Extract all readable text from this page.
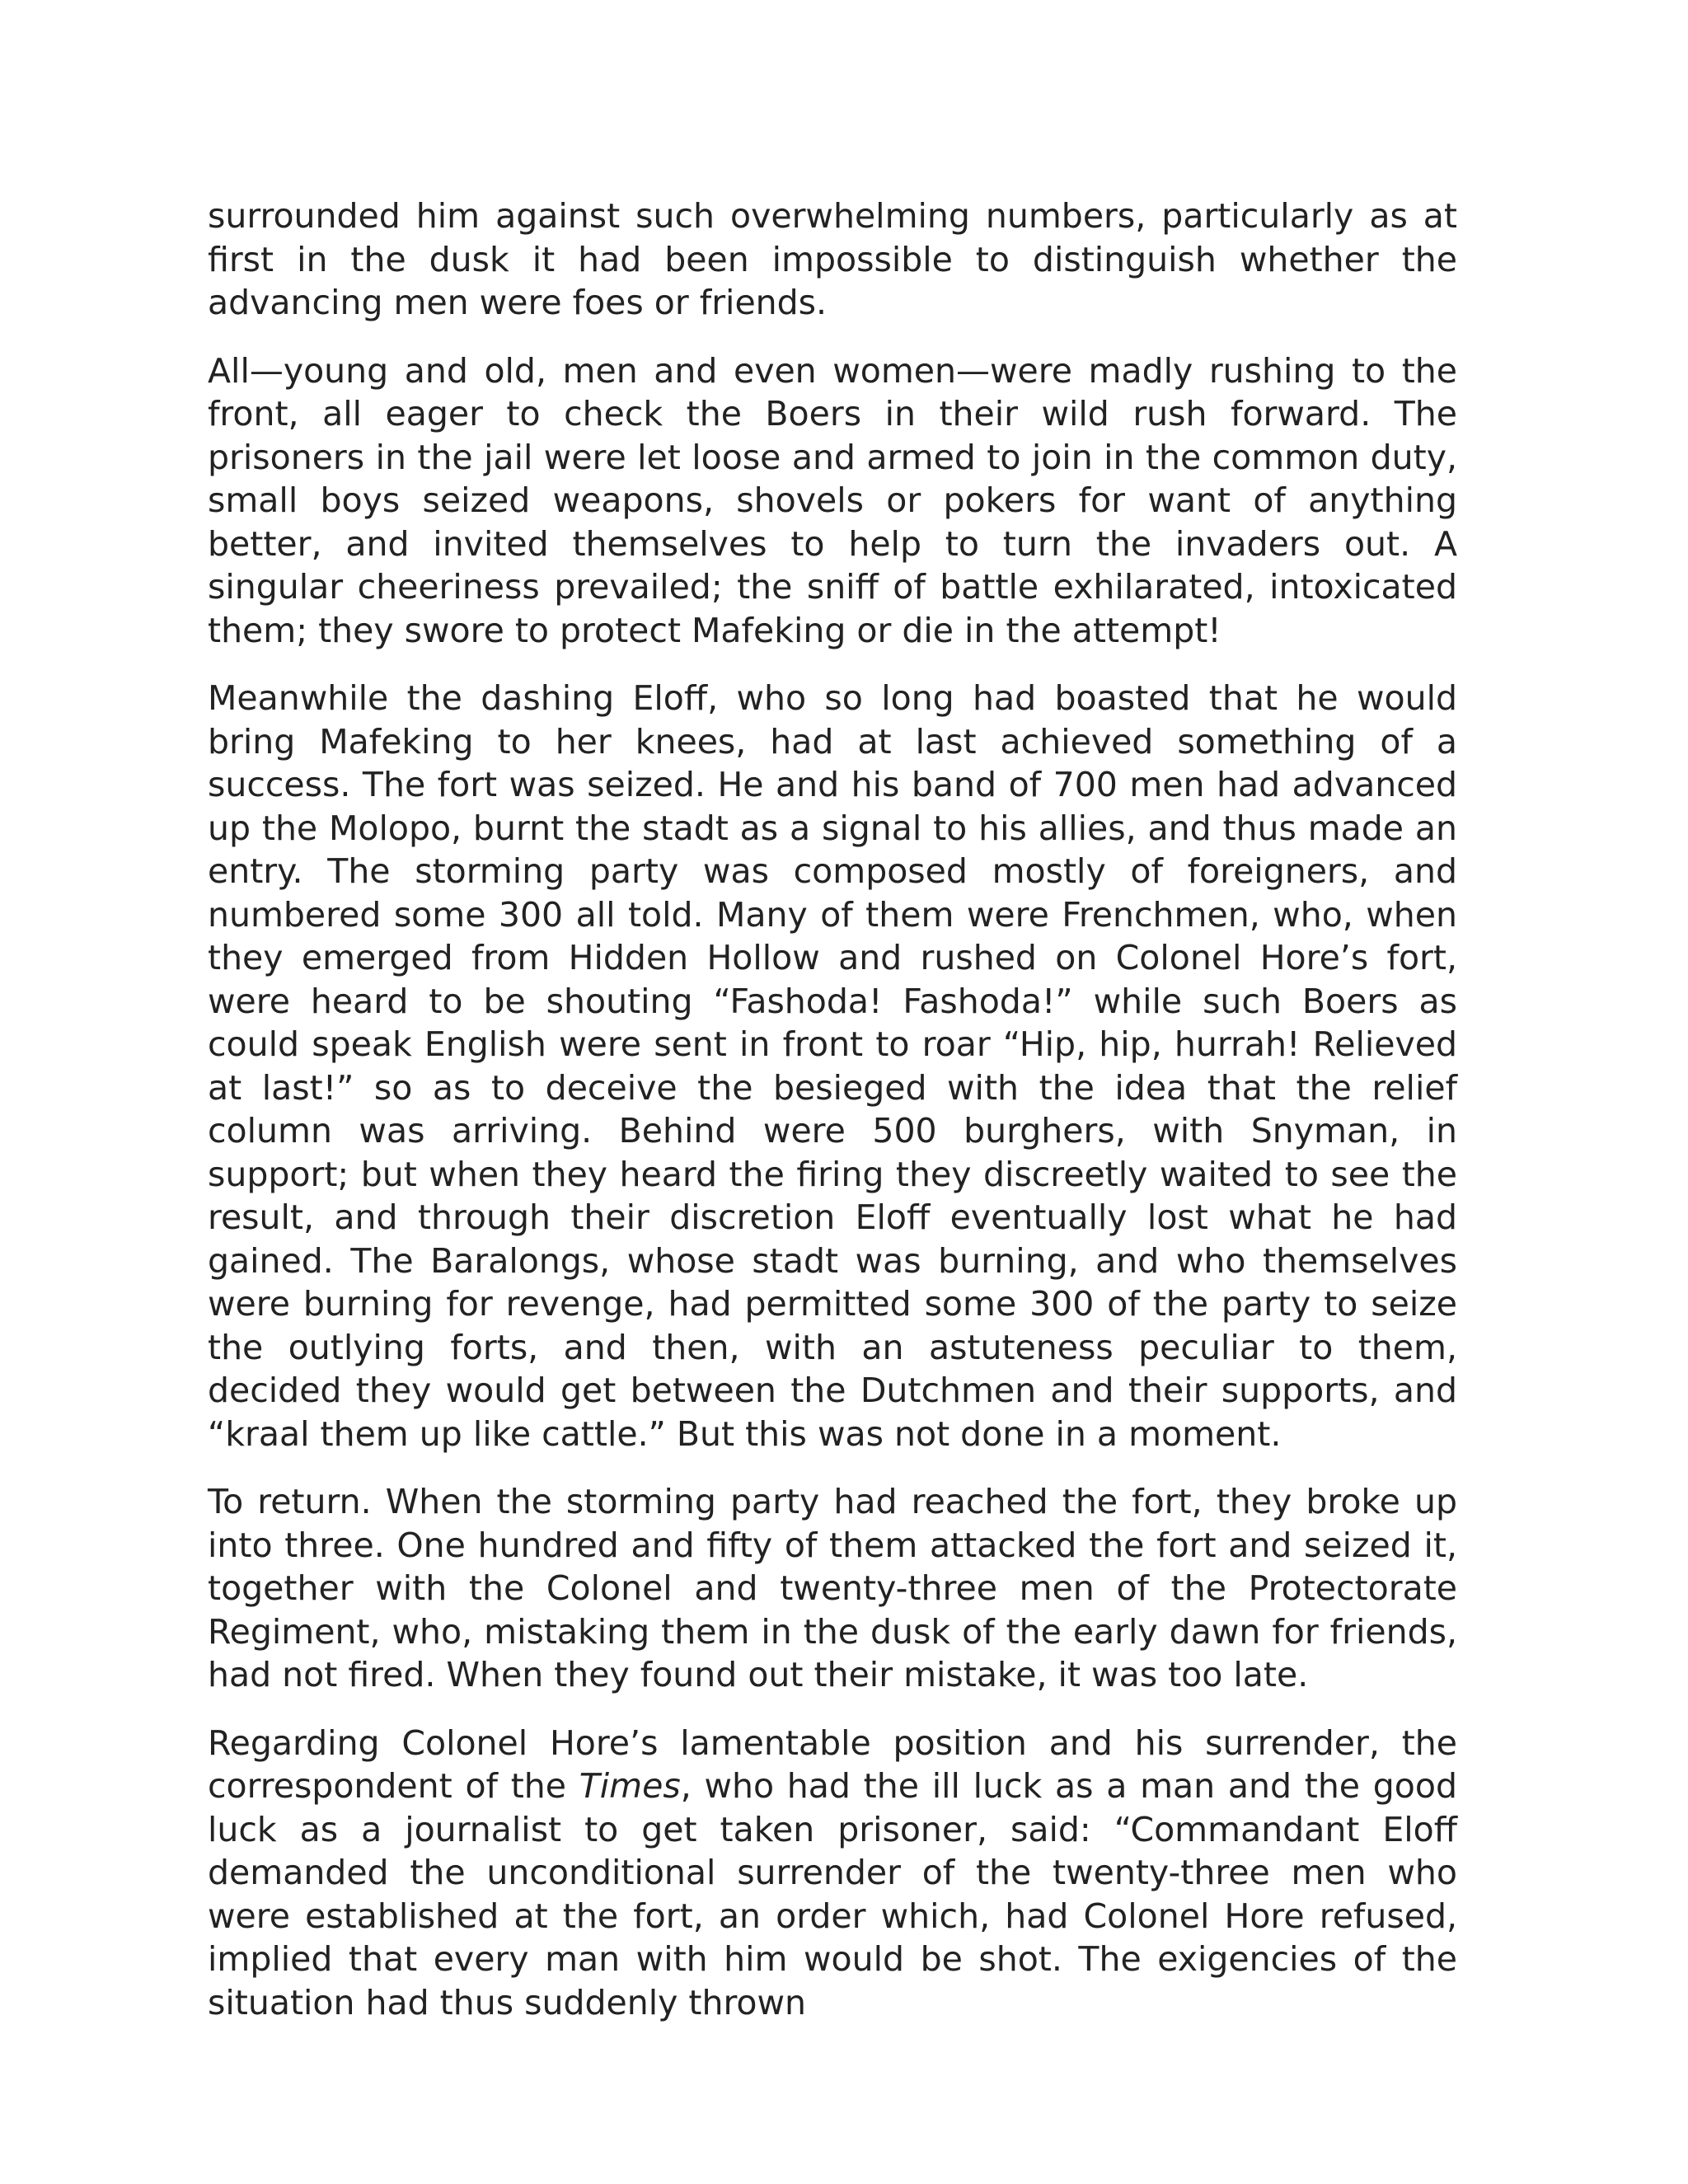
surrounded him against such overwhelming numbers, particularly as at first in the dusk it had been impossible to distinguish whether the advancing men were foes or friends.

All—young and old, men and even women—were madly rushing to the front, all eager to check the Boers in their wild rush forward. The prisoners in the jail were let loose and armed to join in the common duty, small boys seized weapons, shovels or pokers for want of anything better, and invited themselves to help to turn the invaders out. A singular cheeriness prevailed; the sniff of battle exhilarated, intoxicated them; they swore to protect Mafeking or die in the attempt!

Meanwhile the dashing Eloff, who so long had boasted that he would bring Mafeking to her knees, had at last achieved something of a success. The fort was seized. He and his band of 700 men had advanced up the Molopo, burnt the stadt as a signal to his allies, and thus made an entry. The storming party was composed mostly of foreigners, and numbered some 300 all told. Many of them were Frenchmen, who, when they emerged from Hidden Hollow and rushed on Colonel Hore’s fort, were heard to be shouting “Fashoda! Fashoda!” while such Boers as could speak English were sent in front to roar “Hip, hip, hurrah! Relieved at last!” so as to deceive the besieged with the idea that the relief column was arriving. Behind were 500 burghers, with Snyman, in support; but when they heard the firing they discreetly waited to see the result, and through their discretion Eloff eventually lost what he had gained. The Baralongs, whose stadt was burning, and who themselves were burning for revenge, had permitted some 300 of the party to seize the outlying forts, and then, with an astuteness peculiar to them, decided they would get between the Dutchmen and their supports, and “kraal them up like cattle.” But this was not done in a moment.

To return. When the storming party had reached the fort, they broke up into three. One hundred and fifty of them attacked the fort and seized it, together with the Colonel and twenty-three men of the Protectorate Regiment, who, mistaking them in the dusk of the early dawn for friends, had not fired. When they found out their mistake, it was too late.

Regarding Colonel Hore’s lamentable position and his surrender, the correspondent of the Times, who had the ill luck as a man and the good luck as a journalist to get taken prisoner, said: “Commandant Eloff demanded the unconditional surrender of the twenty-three men who were established at the fort, an order which, had Colonel Hore refused, implied that every man with him would be shot. The exigencies of the situation had thus suddenly thrown
